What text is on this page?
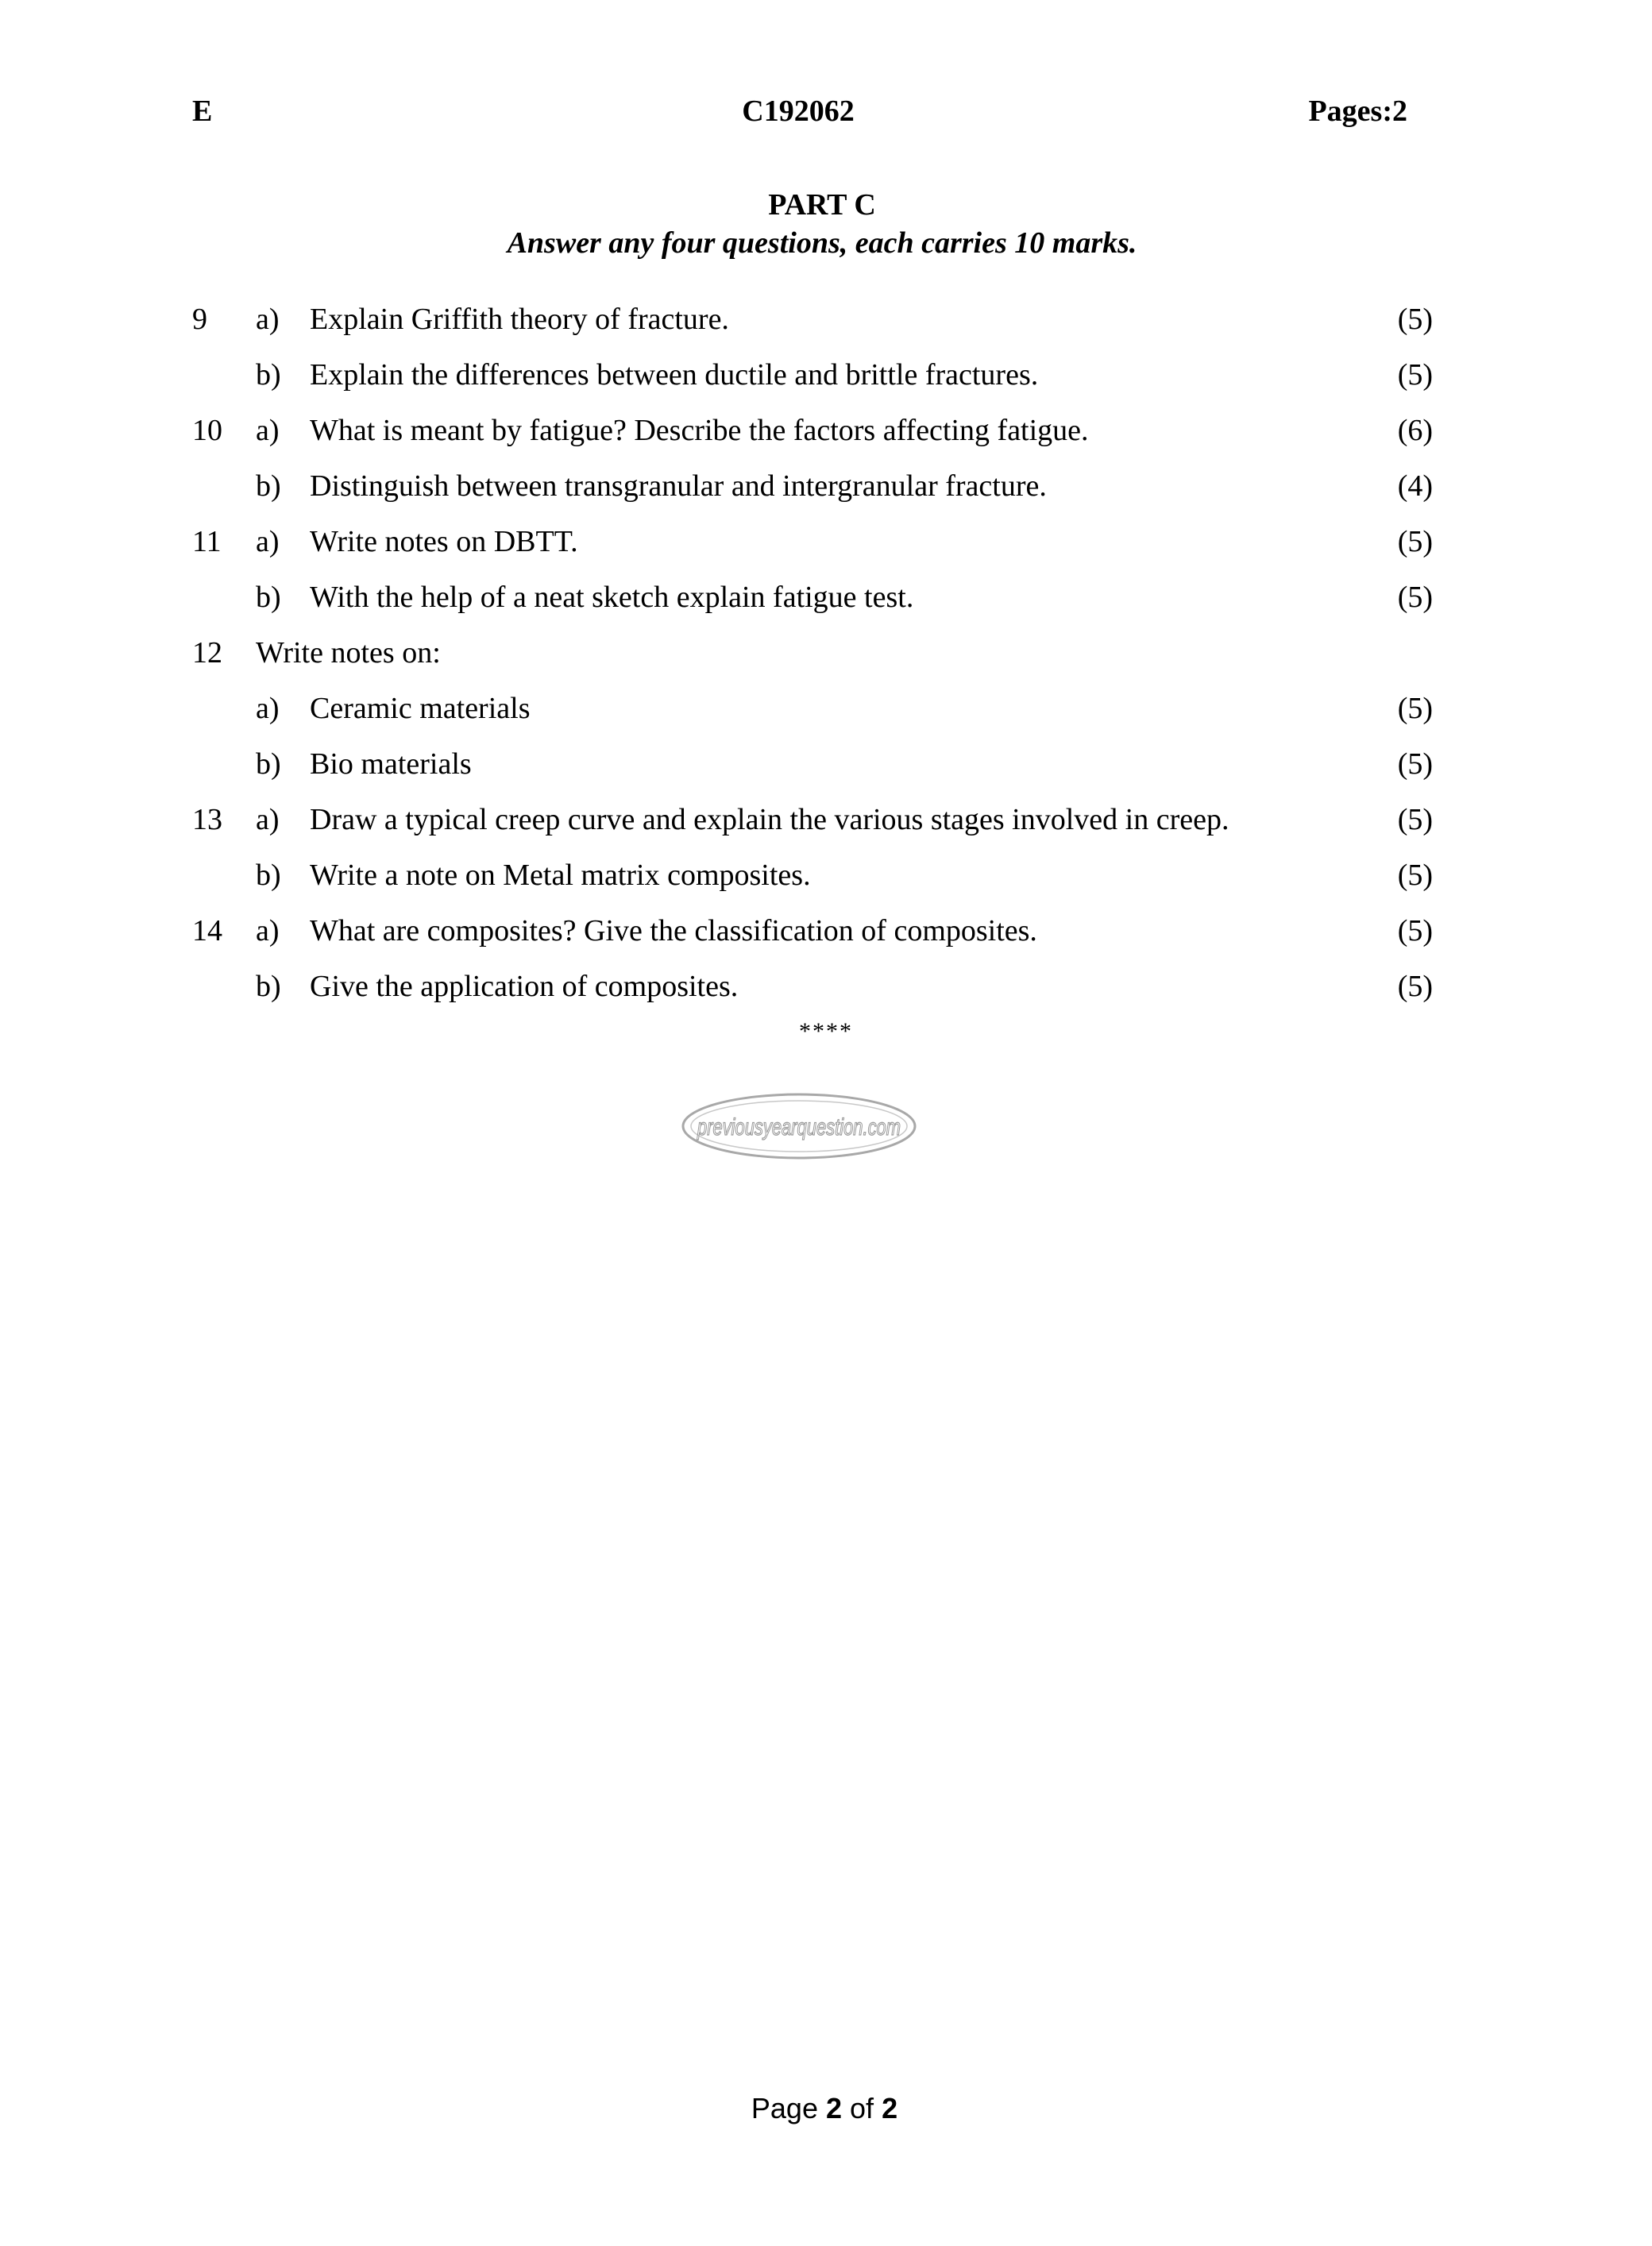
E	C192062	Pages:2
PART C
Answer any four questions, each carries 10 marks.
9 a) Explain Griffith theory of fracture.	(5)
b) Explain the differences between ductile and brittle fractures.	(5)
10 a) What is meant by fatigue? Describe the factors affecting fatigue.	(6)
b) Distinguish between transgranular and intergranular fracture.	(4)
11 a) Write notes on DBTT.	(5)
b) With the help of a neat sketch explain fatigue test.	(5)
12 Write notes on:
a) Ceramic materials	(5)
b) Bio materials	(5)
13 a) Draw a typical creep curve and explain the various stages involved in creep.	(5)
b) Write a note on Metal matrix composites.	(5)
14 a) What are composites? Give the classification of composites.	(5)
b) Give the application of composites.	(5)
****
previousyearquestion.com
Page 2 of 2
